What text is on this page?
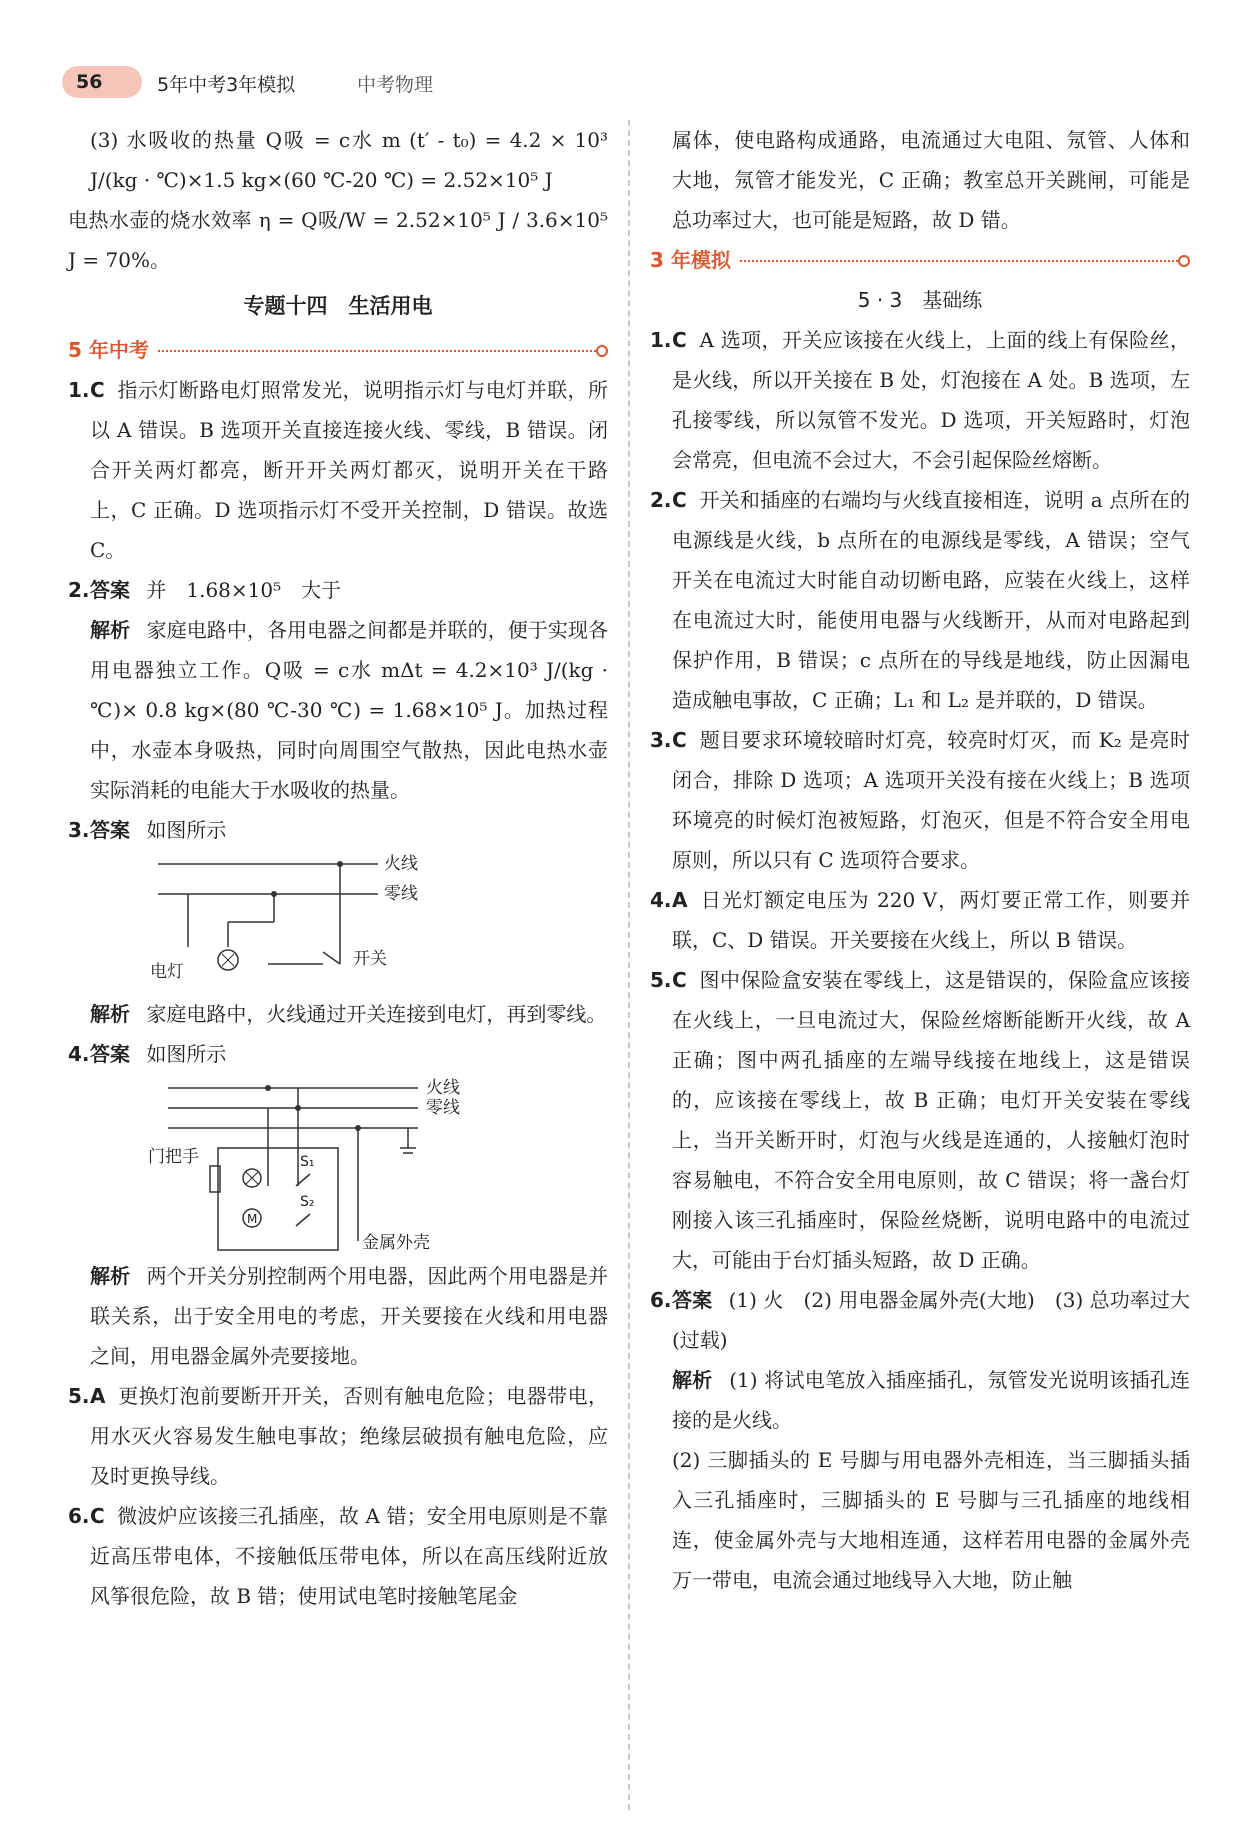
56	5年中考3年模拟	中考物理

(3) 水吸收的热量 Q吸 = c水 m (t′ - t₀) = 4.2 × 10³ J/(kg · ℃)×1.5 kg×(60 ℃-20 ℃) = 2.52×10⁵ J

电热水壶的烧水效率 η = Q吸/W = 2.52×10⁵ J / 3.6×10⁵ J = 70%。

专题十四　生活用电
5 年中考

1. C 指示灯断路电灯照常发光，说明指示灯与电灯并联，所以 A 错误。B 选项开关直接连接火线、零线，B 错误。闭合开关两灯都亮，断开开关两灯都灭，说明开关在干路上，C 正确。D 选项指示灯不受开关控制，D 错误。故选 C。

2. 答案 并　1.68×10⁵　大于

解析 家庭电路中，各用电器之间都是并联的，便于实现各用电器独立工作。Q吸 = c水 mΔt = 4.2×10³ J/(kg · ℃)× 0.8 kg×(80 ℃-30 ℃) = 1.68×10⁵ J。加热过程中，水壶本身吸热，同时向周围空气散热，因此电热水壶实际消耗的电能大于水吸收的热量。

3. 答案 如图所示

火线
零线
电灯
开关

解析 家庭电路中，火线通过开关连接到电灯，再到零线。

4. 答案 如图所示

火线
零线
门把手	S₁
S₂
M
金属外壳

解析 两个开关分别控制两个用电器，因此两个用电器是并联关系，出于安全用电的考虑，开关要接在火线和用电器之间，用电器金属外壳要接地。

5. A 更换灯泡前要断开开关，否则有触电危险；电器带电，用水灭火容易发生触电事故；绝缘层破损有触电危险，应及时更换导线。

6. C 微波炉应该接三孔插座，故 A 错；安全用电原则是不靠近高压带电体，不接触低压带电体，所以在高压线附近放风筝很危险，故 B 错；使用试电笔时接触笔尾金

属体，使电路构成通路，电流通过大电阻、氖管、人体和大地，氖管才能发光，C 正确；教室总开关跳闸，可能是总功率过大，也可能是短路，故 D 错。

3 年模拟
5 · 3　基础练

1. C A 选项，开关应该接在火线上，上面的线上有保险丝，是火线，所以开关接在 B 处，灯泡接在 A 处。B 选项，左孔接零线，所以氖管不发光。D 选项，开关短路时，灯泡会常亮，但电流不会过大，不会引起保险丝熔断。

2. C 开关和插座的右端均与火线直接相连，说明 a 点所在的电源线是火线，b 点所在的电源线是零线，A 错误；空气开关在电流过大时能自动切断电路，应装在火线上，这样在电流过大时，能使用电器与火线断开，从而对电路起到保护作用，B 错误；c 点所在的导线是地线，防止因漏电造成触电事故，C 正确；L₁ 和 L₂ 是并联的，D 错误。

3. C 题目要求环境较暗时灯亮，较亮时灯灭，而 K₂ 是亮时闭合，排除 D 选项；A 选项开关没有接在火线上；B 选项环境亮的时候灯泡被短路，灯泡灭，但是不符合安全用电原则，所以只有 C 选项符合要求。

4. A 日光灯额定电压为 220 V，两灯要正常工作，则要并联，C、D 错误。开关要接在火线上，所以 B 错误。

5. C 图中保险盒安装在零线上，这是错误的，保险盒应该接在火线上，一旦电流过大，保险丝熔断能断开火线，故 A 正确；图中两孔插座的左端导线接在地线上，这是错误的，应该接在零线上，故 B 正确；电灯开关安装在零线上，当开关断开时，灯泡与火线是连通的，人接触灯泡时容易触电，不符合安全用电原则，故 C 错误；将一盏台灯刚接入该三孔插座时，保险丝烧断，说明电路中的电流过大，可能由于台灯插头短路，故 D 正确。

6. 答案 (1) 火　(2) 用电器金属外壳(大地)　(3) 总功率过大(过载)

解析 (1) 将试电笔放入插座插孔，氖管发光说明该插孔连接的是火线。

(2) 三脚插头的 E 号脚与用电器外壳相连，当三脚插头插入三孔插座时，三脚插头的 E 号脚与三孔插座的地线相连，使金属外壳与大地相连通，这样若用电器的金属外壳万一带电，电流会通过地线导入大地，防止触
